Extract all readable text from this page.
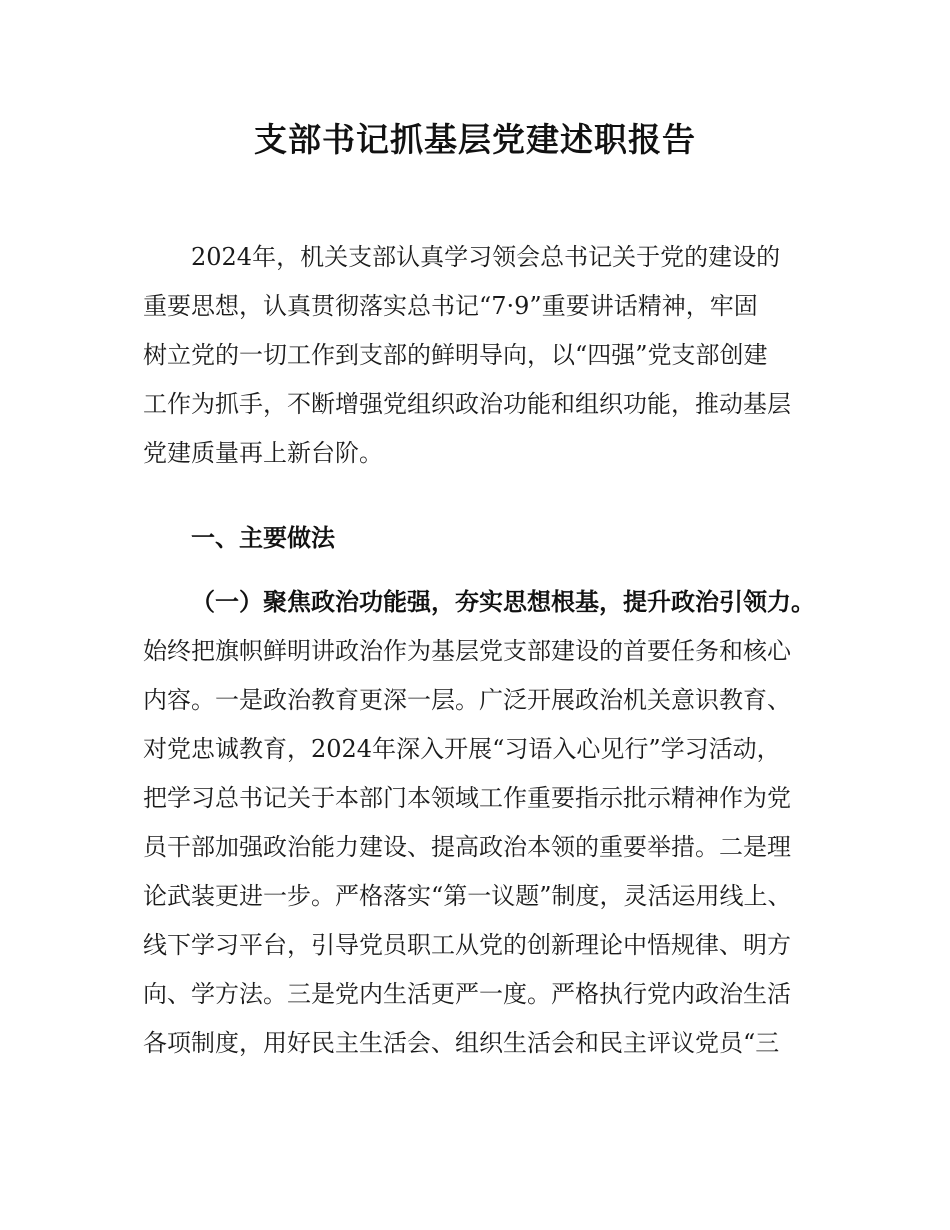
支部书记抓基层党建述职报告
2024年，机关支部认真学习领会总书记关于党的建设的
重要思想，认真贯彻落实总书记“7·9”重要讲话精神，牢固
树立党的一切工作到支部的鲜明导向，以“四强”党支部创建
工作为抓手，不断增强党组织政治功能和组织功能，推动基层
党建质量再上新台阶。
一、主要做法
（一）聚焦政治功能强，夯实思想根基，提升政治引领力。
始终把旗帜鲜明讲政治作为基层党支部建设的首要任务和核心
内容。一是政治教育更深一层。广泛开展政治机关意识教育、
对党忠诚教育，2024年深入开展“习语入心见行”学习活动，
把学习总书记关于本部门本领域工作重要指示批示精神作为党
员干部加强政治能力建设、提高政治本领的重要举措。二是理
论武装更进一步。严格落实“第一议题”制度，灵活运用线上、
线下学习平台，引导党员职工从党的创新理论中悟规律、明方
向、学方法。三是党内生活更严一度。严格执行党内政治生活
各项制度，用好民主生活会、组织生活会和民主评议党员“三
